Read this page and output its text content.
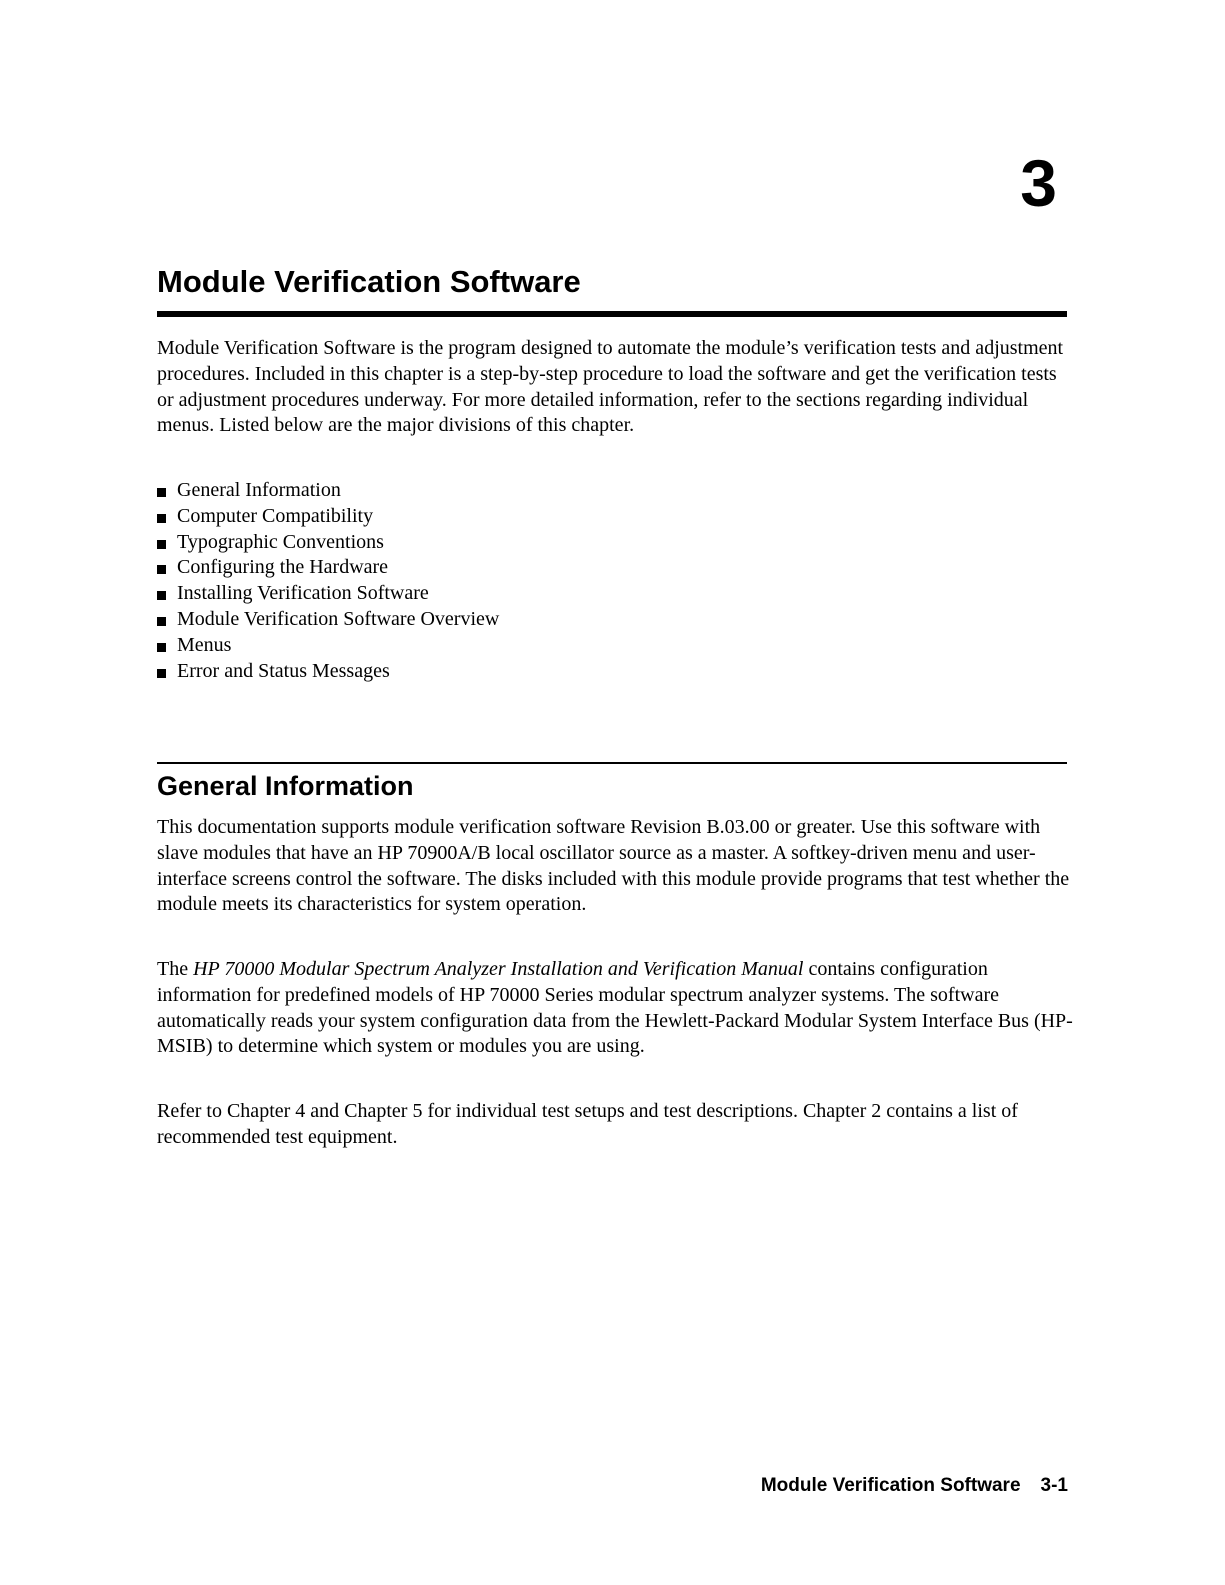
3
Module Verification Software

Module Verification Software is the program designed to automate the module’s verification tests and adjustment procedures. Included in this chapter is a step-by-step procedure to load the software and get the verification tests or adjustment procedures underway. For more detailed information, refer to the sections regarding individual menus. Listed below are the major divisions of this chapter.

General Information
Computer Compatibility
Typographic Conventions
Configuring the Hardware
Installing Verification Software
Module Verification Software Overview
Menus
Error and Status Messages
General Information

This documentation supports module verification software Revision B.03.00 or greater. Use this software with slave modules that have an HP 70900A/B local oscillator source as a master. A softkey-driven menu and user-interface screens control the software. The disks included with this module provide programs that test whether the module meets its characteristics for system operation.

The HP 70000 Modular Spectrum Analyzer Installation and Verification Manual contains configuration information for predefined models of HP 70000 Series modular spectrum analyzer systems. The software automatically reads your system configuration data from the Hewlett-Packard Modular System Interface Bus (HP-MSIB) to determine which system or modules you are using.

Refer to Chapter 4 and Chapter 5 for individual test setups and test descriptions. Chapter 2 contains a list of recommended test equipment.

Module Verification Software 3-1
